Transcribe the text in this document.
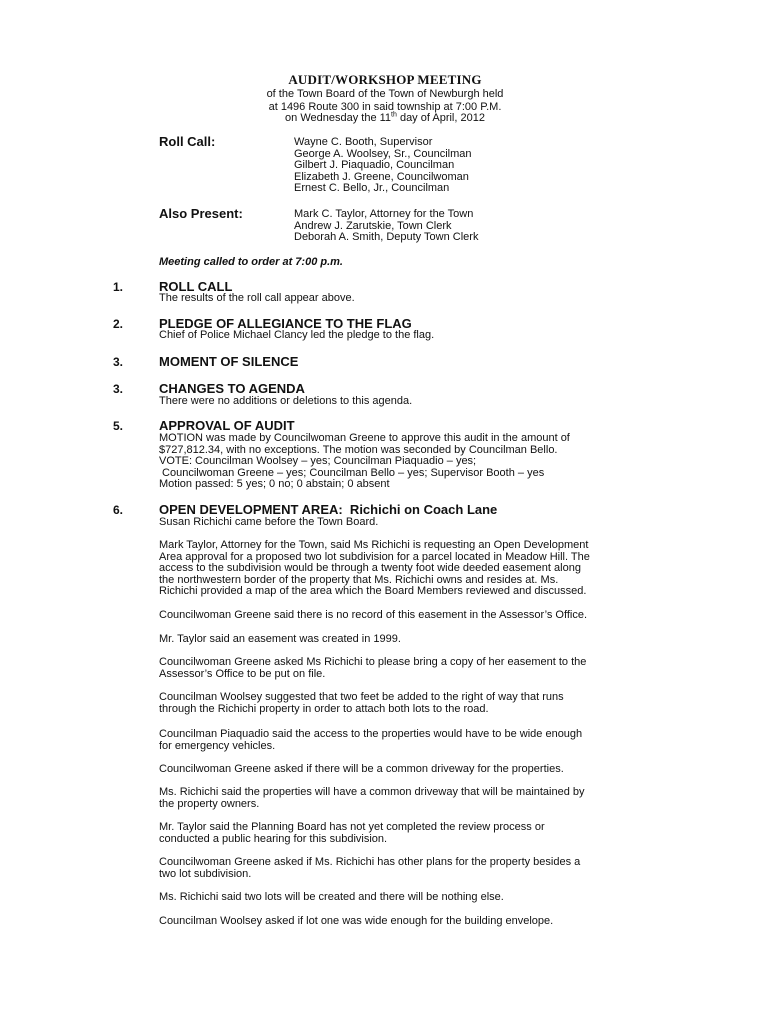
AUDIT/WORKSHOP MEETING
of the Town Board of the Town of Newburgh held
at 1496 Route 300 in said township at 7:00 P.M.
on Wednesday the 11th day of April, 2012
Roll Call:	Wayne C. Booth, Supervisor
George A. Woolsey, Sr., Councilman
Gilbert J. Piaquadio, Councilman
Elizabeth J. Greene, Councilwoman
Ernest C. Bello, Jr., Councilman
Also Present:	Mark C. Taylor, Attorney for the Town
Andrew J. Zarutskie, Town Clerk
Deborah A. Smith, Deputy Town Clerk
Meeting called to order at 7:00 p.m.
1.	ROLL CALL
The results of the roll call appear above.
2.	PLEDGE OF ALLEGIANCE TO THE FLAG
Chief of Police Michael Clancy led the pledge to the flag.
3.	MOMENT OF SILENCE
3.	CHANGES TO AGENDA
There were no additions or deletions to this agenda.
5.	APPROVAL OF AUDIT
MOTION was made by Councilwoman Greene to approve this audit in the amount of
$727,812.34, with no exceptions. The motion was seconded by Councilman Bello.
VOTE: Councilman Woolsey – yes; Councilman Piaquadio – yes;
Councilwoman Greene – yes; Councilman Bello – yes; Supervisor Booth – yes
Motion passed: 5 yes; 0 no; 0 abstain; 0 absent
6.	OPEN DEVELOPMENT AREA:  Richichi on Coach Lane
Susan Richichi came before the Town Board.
Mark Taylor, Attorney for the Town, said Ms Richichi is requesting an Open Development
Area approval for a proposed two lot subdivision for a parcel located in Meadow Hill. The
access to the subdivision would be through a twenty foot wide deeded easement along
the northwestern border of the property that Ms. Richichi owns and resides at. Ms.
Richichi provided a map of the area which the Board Members reviewed and discussed.
Councilwoman Greene said there is no record of this easement in the Assessor’s Office.
Mr. Taylor said an easement was created in 1999.
Councilwoman Greene asked Ms Richichi to please bring a copy of her easement to the
Assessor’s Office to be put on file.
Councilman Woolsey suggested that two feet be added to the right of way that runs
through the Richichi property in order to attach both lots to the road.
Councilman Piaquadio said the access to the properties would have to be wide enough
for emergency vehicles.
Councilwoman Greene asked if there will be a common driveway for the properties.
Ms. Richichi said the properties will have a common driveway that will be maintained by
the property owners.
Mr. Taylor said the Planning Board has not yet completed the review process or
conducted a public hearing for this subdivision.
Councilwoman Greene asked if Ms. Richichi has other plans for the property besides a
two lot subdivision.
Ms. Richichi said two lots will be created and there will be nothing else.
Councilman Woolsey asked if lot one was wide enough for the building envelope.
